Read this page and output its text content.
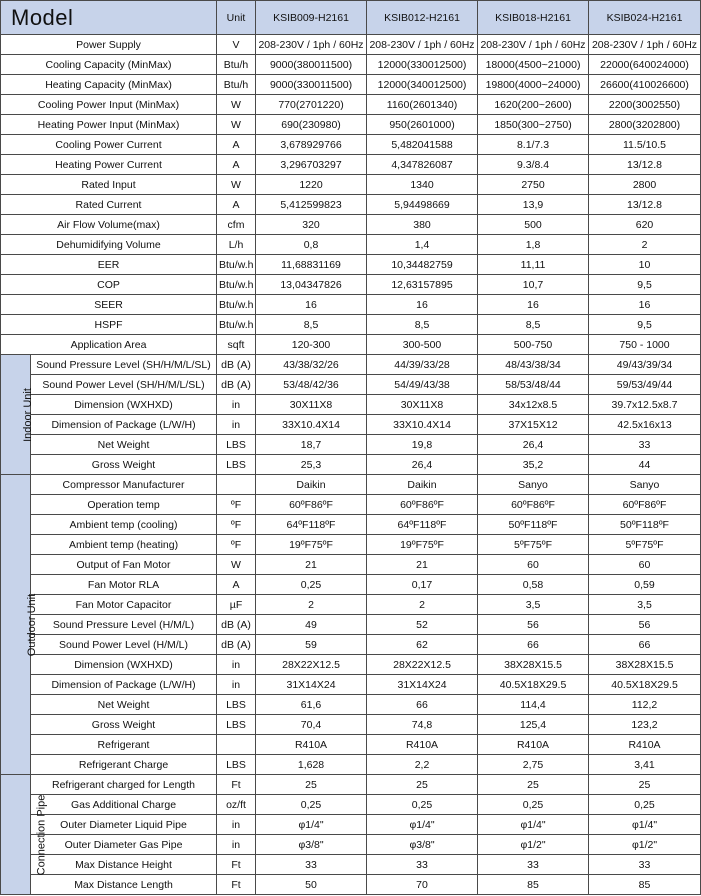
Model		Unit	KSIB009-H2161	KSIB012-H2161	KSIB018-H2161	KSIB024-H2161
Power Supply		V	208-230V / 1ph / 60Hz	208-230V / 1ph / 60Hz	208-230V / 1ph / 60Hz	208-230V / 1ph / 60Hz
Cooling Capacity (MinMax)		Btu/h	9000(380011500)	12000(330012500)	18000(4500~21000)	22000(640024000)
Heating Capacity (MinMax)		Btu/h	9000(330011500)	12000(340012500)	19800(4000~24000)	26600(410026600)
Cooling Power Input (MinMax)		W	770(2701220)	1160(2601340)	1620(200~2600)	2200(3002550)
Heating Power Input (MinMax)		W	690(230980)	950(2601000)	1850(300~2750)	2800(3202800)
Cooling Power Current		A	3,678929766	5,482041588	8.1/7.3	11.5/10.5
Heating Power Current		A	3,296703297	4,347826087	9.3/8.4	13/12.8
Rated Input		W	1220	1340	2750	2800
Rated Current		A	5,412599823	5,94498669	13,9	13/12.8
Air Flow Volume(max)		cfm	320	380	500	620
Dehumidifying Volume		L/h	0,8	1,4	1,8	2
EER		Btu/w.h	11,68831169	10,34482759	11,11	10
COP		Btu/w.h	13,04347826	12,63157895	10,7	9,5
SEER		Btu/w.h	16	16	16	16
HSPF		Btu/w.h	8,5	8,5	8,5	9,5
Application Area		sqft	120-300	300-500	500-750	750 - 1000
Indoor Unit	Sound Pressure Level (SH/H/M/L/SL)	dB (A)	43/38/32/26	44/39/33/28	48/43/38/34	49/43/39/34
	Sound Power Level (SH/H/M/L/SL)	dB (A)	53/48/42/36	54/49/43/38	58/53/48/44	59/53/49/44
	Dimension (WXHXD)	in	30X11X8	30X11X8	34x12x8.5	39.7x12.5x8.7
	Dimension of Package (L/W/H)	in	33X10.4X14	33X10.4X14	37X15X12	42.5x16x13
	Net Weight	LBS	18,7	19,8	26,4	33
	Gross Weight	LBS	25,3	26,4	35,2	44
Outdoor Unit	Compressor Manufacturer		Daikin	Daikin	Sanyo	Sanyo
	Operation temp	ºF	60ºF86ºF	60ºF86ºF	60ºF86ºF	60ºF86ºF
	Ambient temp (cooling)	ºF	64ºF118ºF	64ºF118ºF	50ºF118ºF	50ºF118ºF
	Ambient temp (heating)	ºF	19ºF75ºF	19ºF75ºF	5ºF75ºF	5ºF75ºF
	Output of Fan Motor	W	21	21	60	60
	Fan Motor RLA	A	0,25	0,17	0,58	0,59
	Fan Motor Capacitor	µF	2	2	3,5	3,5
	Sound Pressure Level (H/M/L)	dB (A)	49	52	56	56
	Sound Power Level (H/M/L)	dB (A)	59	62	66	66
	Dimension (WXHXD)	in	28X22X12.5	28X22X12.5	38X28X15.5	38X28X15.5
	Dimension of Package (L/W/H)	in	31X14X24	31X14X24	40.5X18X29.5	40.5X18X29.5
	Net Weight	LBS	61,6	66	114,4	112,2
	Gross Weight	LBS	70,4	74,8	125,4	123,2
	Refrigerant		R410A	R410A	R410A	R410A
	Refrigerant Charge	LBS	1,628	2,2	2,75	3,41
Connection Pipe	Refrigerant charged for Length	Ft	25	25	25	25
	Gas Additional Charge	oz/ft	0,25	0,25	0,25	0,25
	Outer Diameter Liquid Pipe	in	φ1/4"	φ1/4"	φ1/4"	φ1/4"
	Outer Diameter Gas Pipe	in	φ3/8"	φ3/8"	φ1/2"	φ1/2"
	Max Distance Height	Ft	33	33	33	33
	Max Distance Length	Ft	50	70	85	85
